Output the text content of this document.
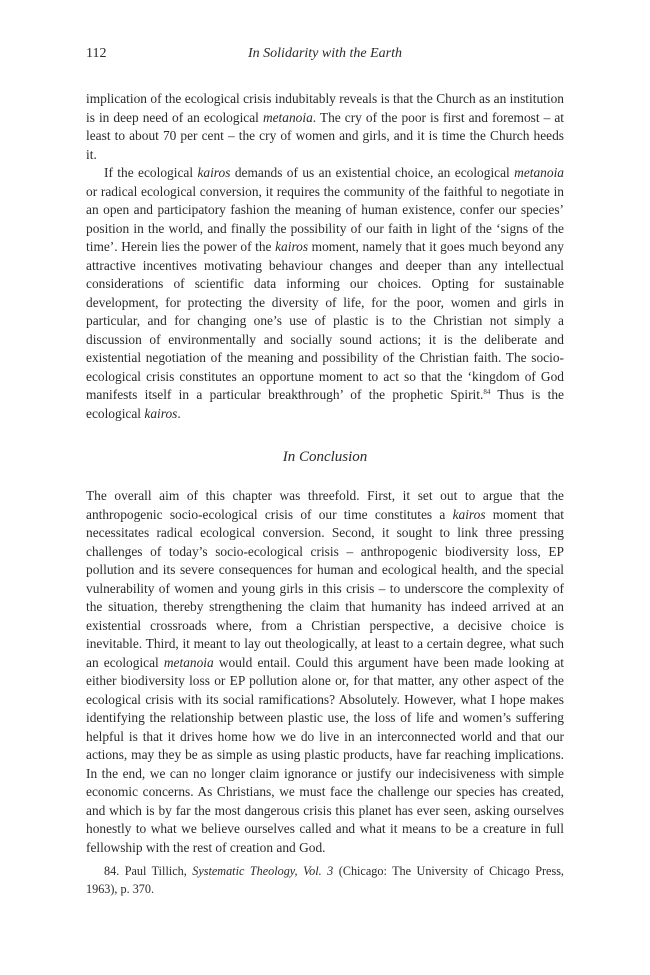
112	In Solidarity with the Earth

implication of the ecological crisis indubitably reveals is that the Church as an institution is in deep need of an ecological metanoia. The cry of the poor is first and foremost – at least to about 70 per cent – the cry of women and girls, and it is time the Church heeds it.

If the ecological kairos demands of us an existential choice, an ecological metanoia or radical ecological conversion, it requires the community of the faithful to negotiate in an open and participatory fashion the meaning of human existence, confer our species’ position in the world, and finally the possibility of our faith in light of the ‘signs of the time’. Herein lies the power of the kairos moment, namely that it goes much beyond any attractive incentives motivating behaviour changes and deeper than any intellectual considerations of scientific data informing our choices. Opting for sustainable development, for protecting the diversity of life, for the poor, women and girls in particular, and for changing one’s use of plastic is to the Christian not simply a discussion of environmentally and socially sound actions; it is the deliberate and existential negotiation of the meaning and possibility of the Christian faith. The socio-ecological crisis constitutes an opportune moment to act so that the ‘kingdom of God manifests itself in a particular breakthrough’ of the prophetic Spirit.$^{84}$ Thus is the ecological kairos.

In Conclusion

The overall aim of this chapter was threefold. First, it set out to argue that the anthropogenic socio-ecological crisis of our time constitutes a kairos moment that necessitates radical ecological conversion. Second, it sought to link three pressing challenges of today’s socio-ecological crisis – anthropogenic biodiversity loss, EP pollution and its severe consequences for human and ecological health, and the special vulnerability of women and young girls in this crisis – to underscore the complexity of the situation, thereby strengthening the claim that humanity has indeed arrived at an existential crossroads where, from a Christian perspective, a decisive choice is inevitable. Third, it meant to lay out theologically, at least to a certain degree, what such an ecological metanoia would entail. Could this argument have been made looking at either biodiversity loss or EP pollution alone or, for that matter, any other aspect of the ecological crisis with its social ramifications? Absolutely. However, what I hope makes identifying the relationship between plastic use, the loss of life and women’s suffering helpful is that it drives home how we do live in an interconnected world and that our actions, may they be as simple as using plastic products, have far reaching implications. In the end, we can no longer claim ignorance or justify our indecisiveness with simple economic concerns. As Christians, we must face the challenge our species has created, and which is by far the most dangerous crisis this planet has ever seen, asking ourselves honestly to what we believe ourselves called and what it means to be a creature in full fellowship with the rest of creation and God.

84. Paul Tillich, Systematic Theology, Vol. 3 (Chicago: The University of Chicago Press, 1963), p. 370.
